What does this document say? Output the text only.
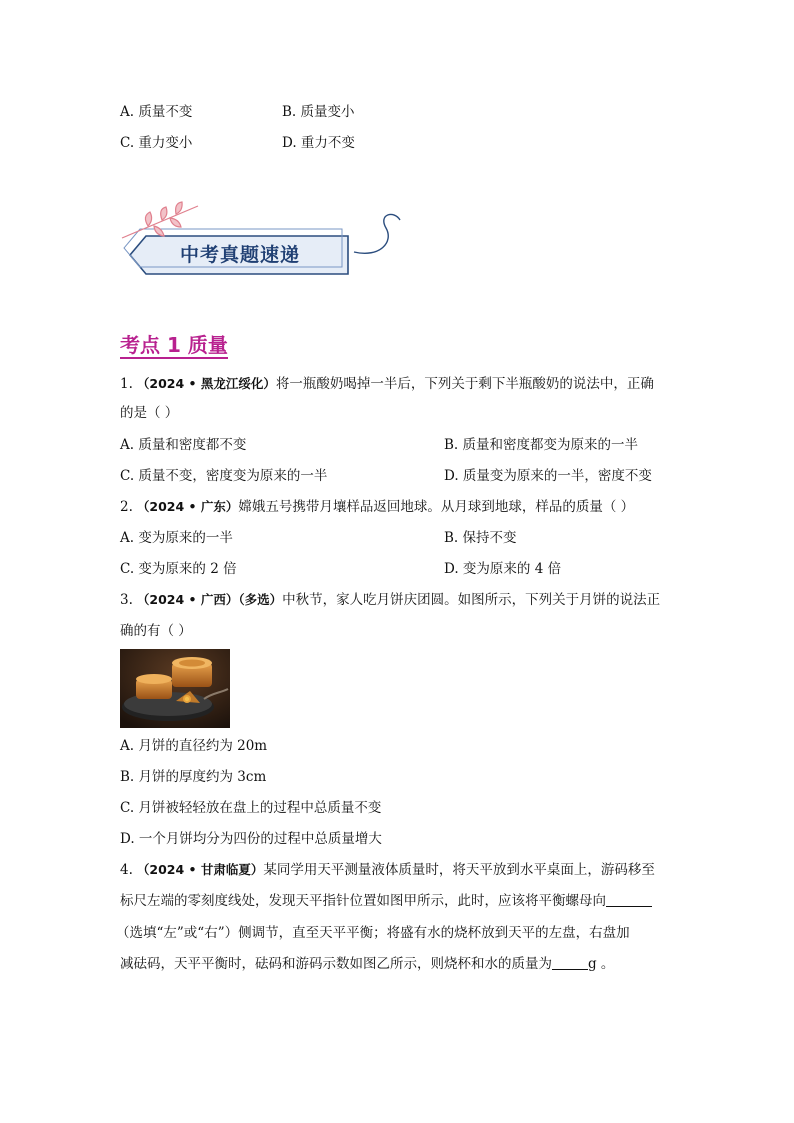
A. 质量不变	B. 质量变小
C. 重力变小	D. 重力不变
中考真题速递
考点 1 质量
1. （2024 • 黑龙江绥化）将一瓶酸奶喝掉一半后，下列关于剩下半瓶酸奶的说法中，正确
的是（ ）
A. 质量和密度都不变	B. 质量和密度都变为原来的一半
C. 质量不变，密度变为原来的一半	D. 质量变为原来的一半，密度不变
2. （2024 • 广东）嫦娥五号携带月壤样品返回地球。从月球到地球，样品的质量（ ）
A. 变为原来的一半	B. 保持不变
C. 变为原来的 2 倍	D. 变为原来的 4 倍
3. （2024 • 广西）（多选）中秋节，家人吃月饼庆团圆。如图所示，下列关于月饼的说法正
确的有（ ）
A. 月饼的直径约为 20m
B. 月饼的厚度约为 3cm
C. 月饼被轻轻放在盘上的过程中总质量不变
D. 一个月饼均分为四份的过程中总质量增大
4. （2024 • 甘肃临夏）某同学用天平测量液体质量时，将天平放到水平桌面上，游码移至
标尺左端的零刻度线处，发现天平指针位置如图甲所示，此时，应该将平衡螺母向
（选填“左”或“右”）侧调节，直至天平平衡；将盛有水的烧杯放到天平的左盘，右盘加
减砝码，天平平衡时，砝码和游码示数如图乙所示，则烧杯和水的质量为	g 。
